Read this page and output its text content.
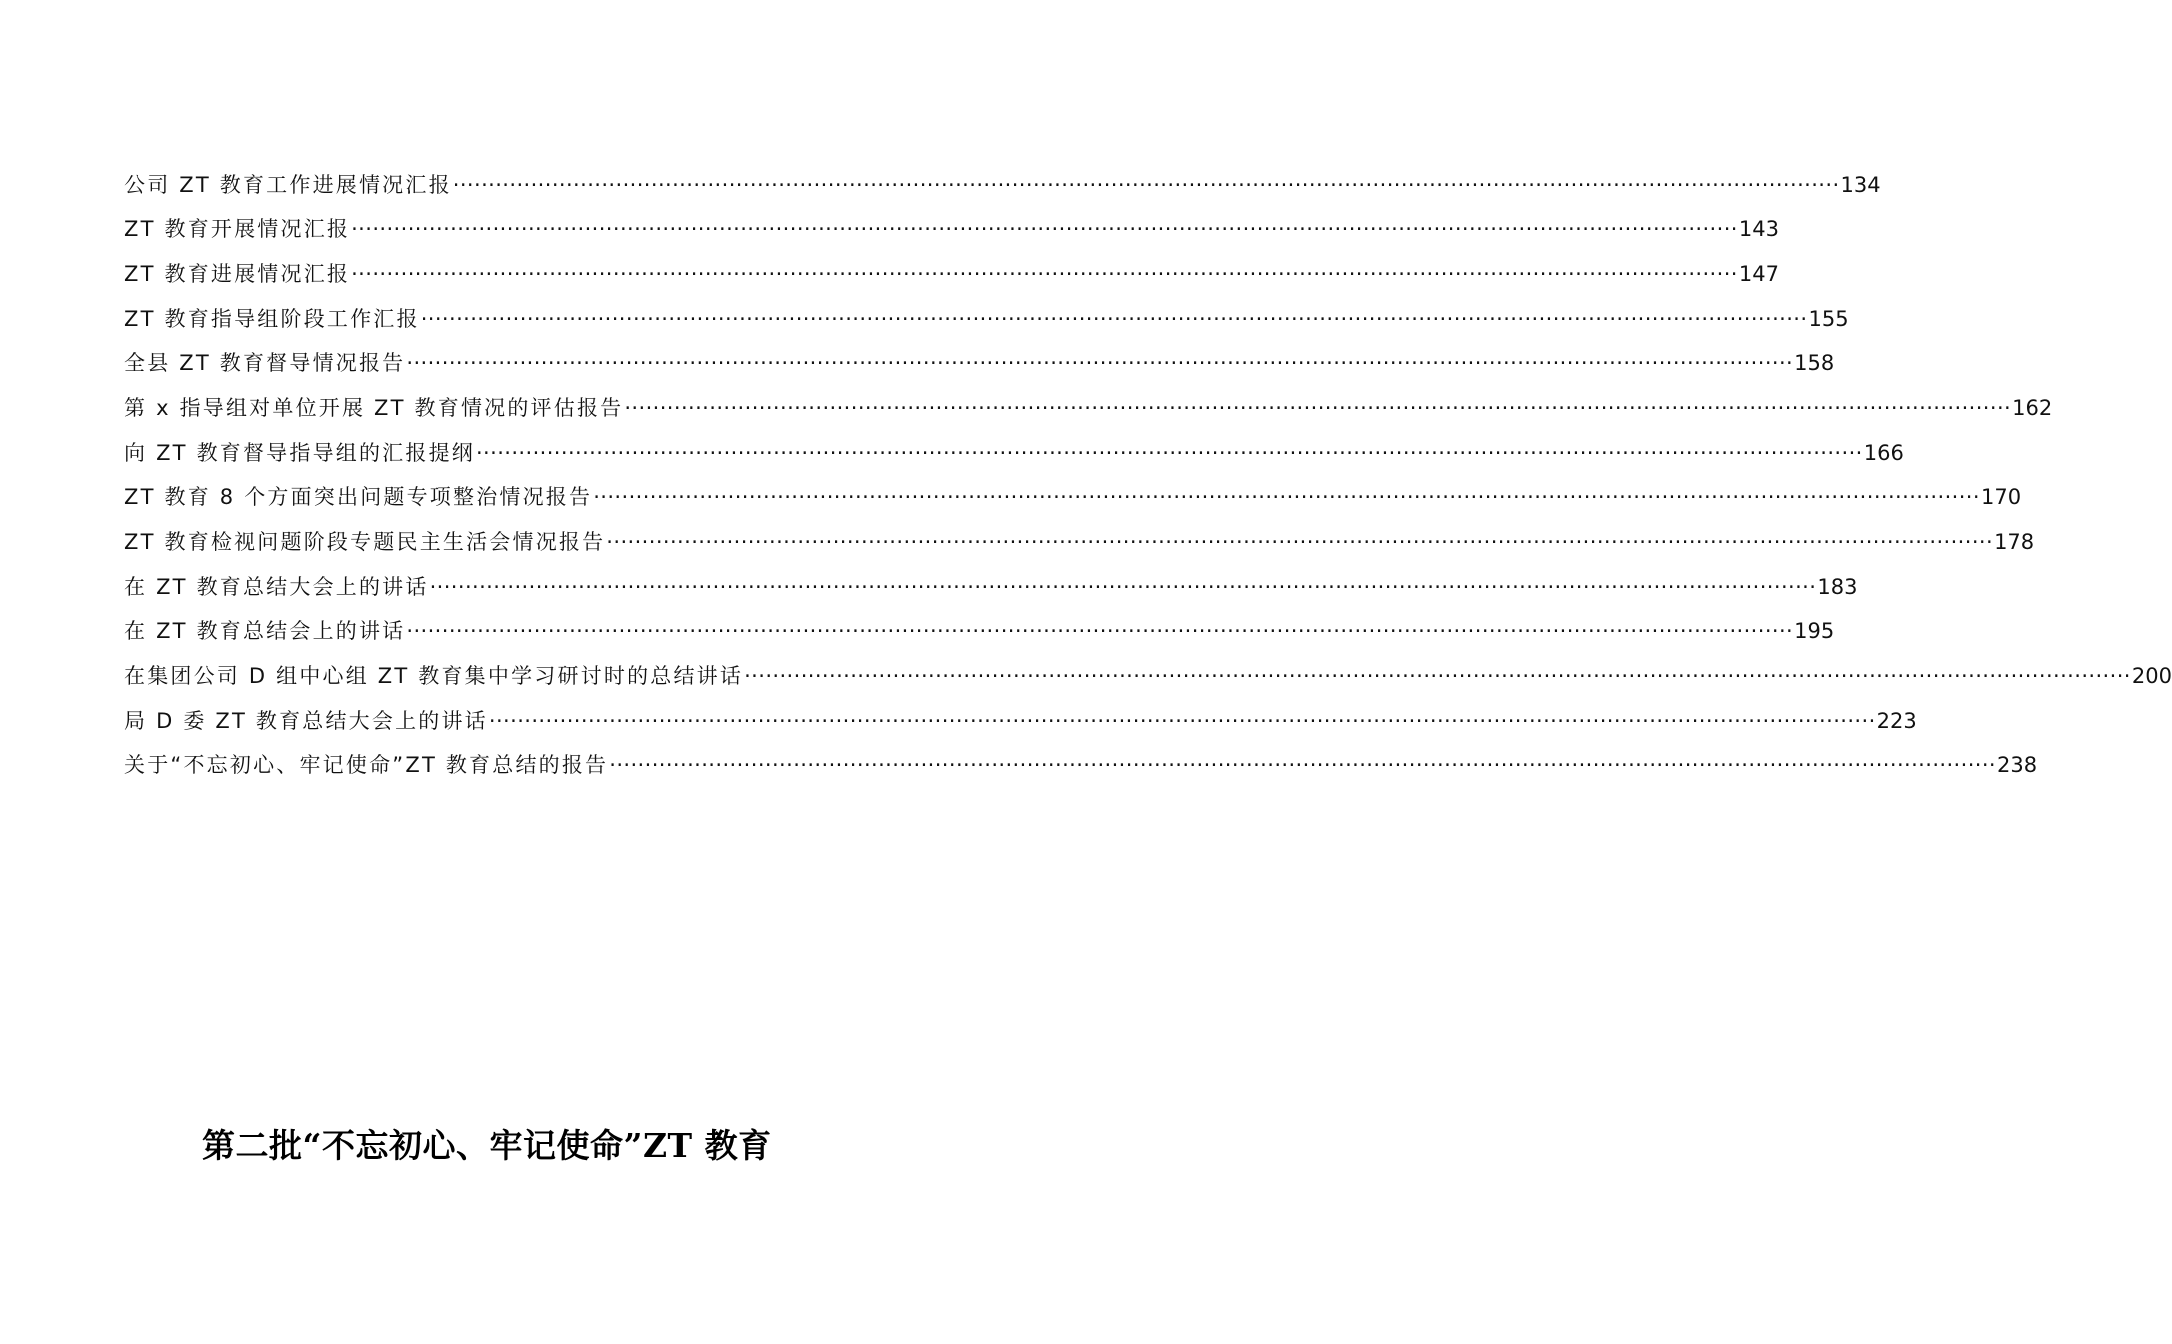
公司 ZT 教育工作进展情况汇报 .....	134
ZT 教育开展情况汇报 .....	143
ZT 教育进展情况汇报 .....	147
ZT 教育指导组阶段工作汇报 .....	155
全县 ZT 教育督导情况报告 .....	158
第 x 指导组对单位开展 ZT 教育情况的评估报告 .....	162
向 ZT 教育督导指导组的汇报提纲 .....	166
ZT 教育 8 个方面突出问题专项整治情况报告 .....	170
ZT 教育检视问题阶段专题民主生活会情况报告 .....	178
在 ZT 教育总结大会上的讲话 .....	183
在 ZT 教育总结会上的讲话 .....	195
在集团公司 D 组中心组 ZT 教育集中学习研讨时的总结讲话 .....	200
局 D 委 ZT 教育总结大会上的讲话 .....	223
关于“不忘初心、牢记使命”ZT 教育总结的报告 .....	238
第二批“不忘初心、牢记使命”ZT 教育
